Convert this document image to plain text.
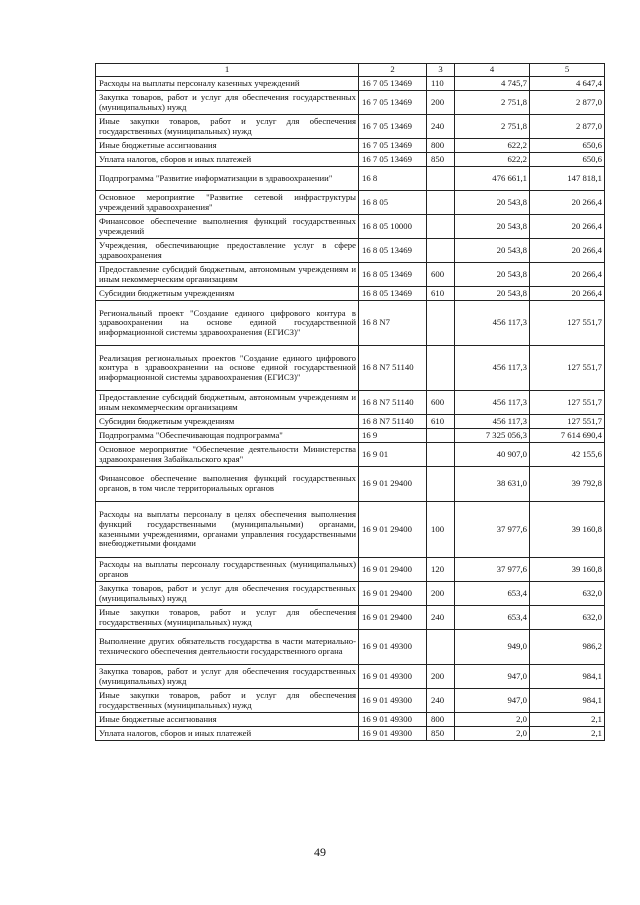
1	2	3	4	5
Расходы на выплаты персоналу казенных учреждений	16 7 05 13469	110	4 745,7	4 647,4
Закупка товаров, работ и услуг для обеспечения государственных (муниципальных) нужд	16 7 05 13469	200	2 751,8	2 877,0
Иные закупки товаров, работ и услуг для обеспечения государственных (муниципальных) нужд	16 7 05 13469	240	2 751,8	2 877,0
Иные бюджетные ассигнования	16 7 05 13469	800	622,2	650,6
Уплата налогов, сборов и иных платежей	16 7 05 13469	850	622,2	650,6
Подпрограмма "Развитие информатизации в здравоохранении"	16 8		476 661,1	147 818,1
Основное мероприятие "Развитие сетевой инфраструктуры учреждений здравоохранения"	16 8 05		20 543,8	20 266,4
Финансовое обеспечение выполнения функций государственных учреждений	16 8 05 10000		20 543,8	20 266,4
Учреждения, обеспечивающие предоставление услуг в сфере здравоохранения	16 8 05 13469		20 543,8	20 266,4
Предоставление субсидий бюджетным, автономным учреждениям и иным некоммерческим организациям	16 8 05 13469	600	20 543,8	20 266,4
Субсидии бюджетным учреждениям	16 8 05 13469	610	20 543,8	20 266,4
Региональный проект "Создание единого цифрового контура в здравоохранении на основе единой государственной информационной системы здравоохранения (ЕГИСЗ)"	16 8 N7		456 117,3	127 551,7
Реализация региональных проектов "Создание единого цифрового контура в здравоохранении на основе единой государственной информационной системы здравоохранения (ЕГИСЗ)"	16 8 N7 51140		456 117,3	127 551,7
Предоставление субсидий бюджетным, автономным учреждениям и иным некоммерческим организациям	16 8 N7 51140	600	456 117,3	127 551,7
Субсидии бюджетным учреждениям	16 8 N7 51140	610	456 117,3	127 551,7
Подпрограмма "Обеспечивающая подпрограмма"	16 9		7 325 056,3	7 614 690,4
Основное мероприятие "Обеспечение деятельности Министерства здравоохранения Забайкальского края"	16 9 01		40 907,0	42 155,6
Финансовое обеспечение выполнения функций государственных органов, в том числе территориальных органов	16 9 01 29400		38 631,0	39 792,8
Расходы на выплаты персоналу в целях обеспечения выполнения функций государственными (муниципальными) органами, казенными учреждениями, органами управления государственными внебюджетными фондами	16 9 01 29400	100	37 977,6	39 160,8
Расходы на выплаты персоналу государственных (муниципальных) органов	16 9 01 29400	120	37 977,6	39 160,8
Закупка товаров, работ и услуг для обеспечения государственных (муниципальных) нужд	16 9 01 29400	200	653,4	632,0
Иные закупки товаров, работ и услуг для обеспечения государственных (муниципальных) нужд	16 9 01 29400	240	653,4	632,0
Выполнение других обязательств государства в части материально-технического обеспечения деятельности государственного органа	16 9 01 49300		949,0	986,2
Закупка товаров, работ и услуг для обеспечения государственных (муниципальных) нужд	16 9 01 49300	200	947,0	984,1
Иные закупки товаров, работ и услуг для обеспечения государственных (муниципальных) нужд	16 9 01 49300	240	947,0	984,1
Иные бюджетные ассигнования	16 9 01 49300	800	2,0	2,1
Уплата налогов, сборов и иных платежей	16 9 01 49300	850	2,0	2,1
49
